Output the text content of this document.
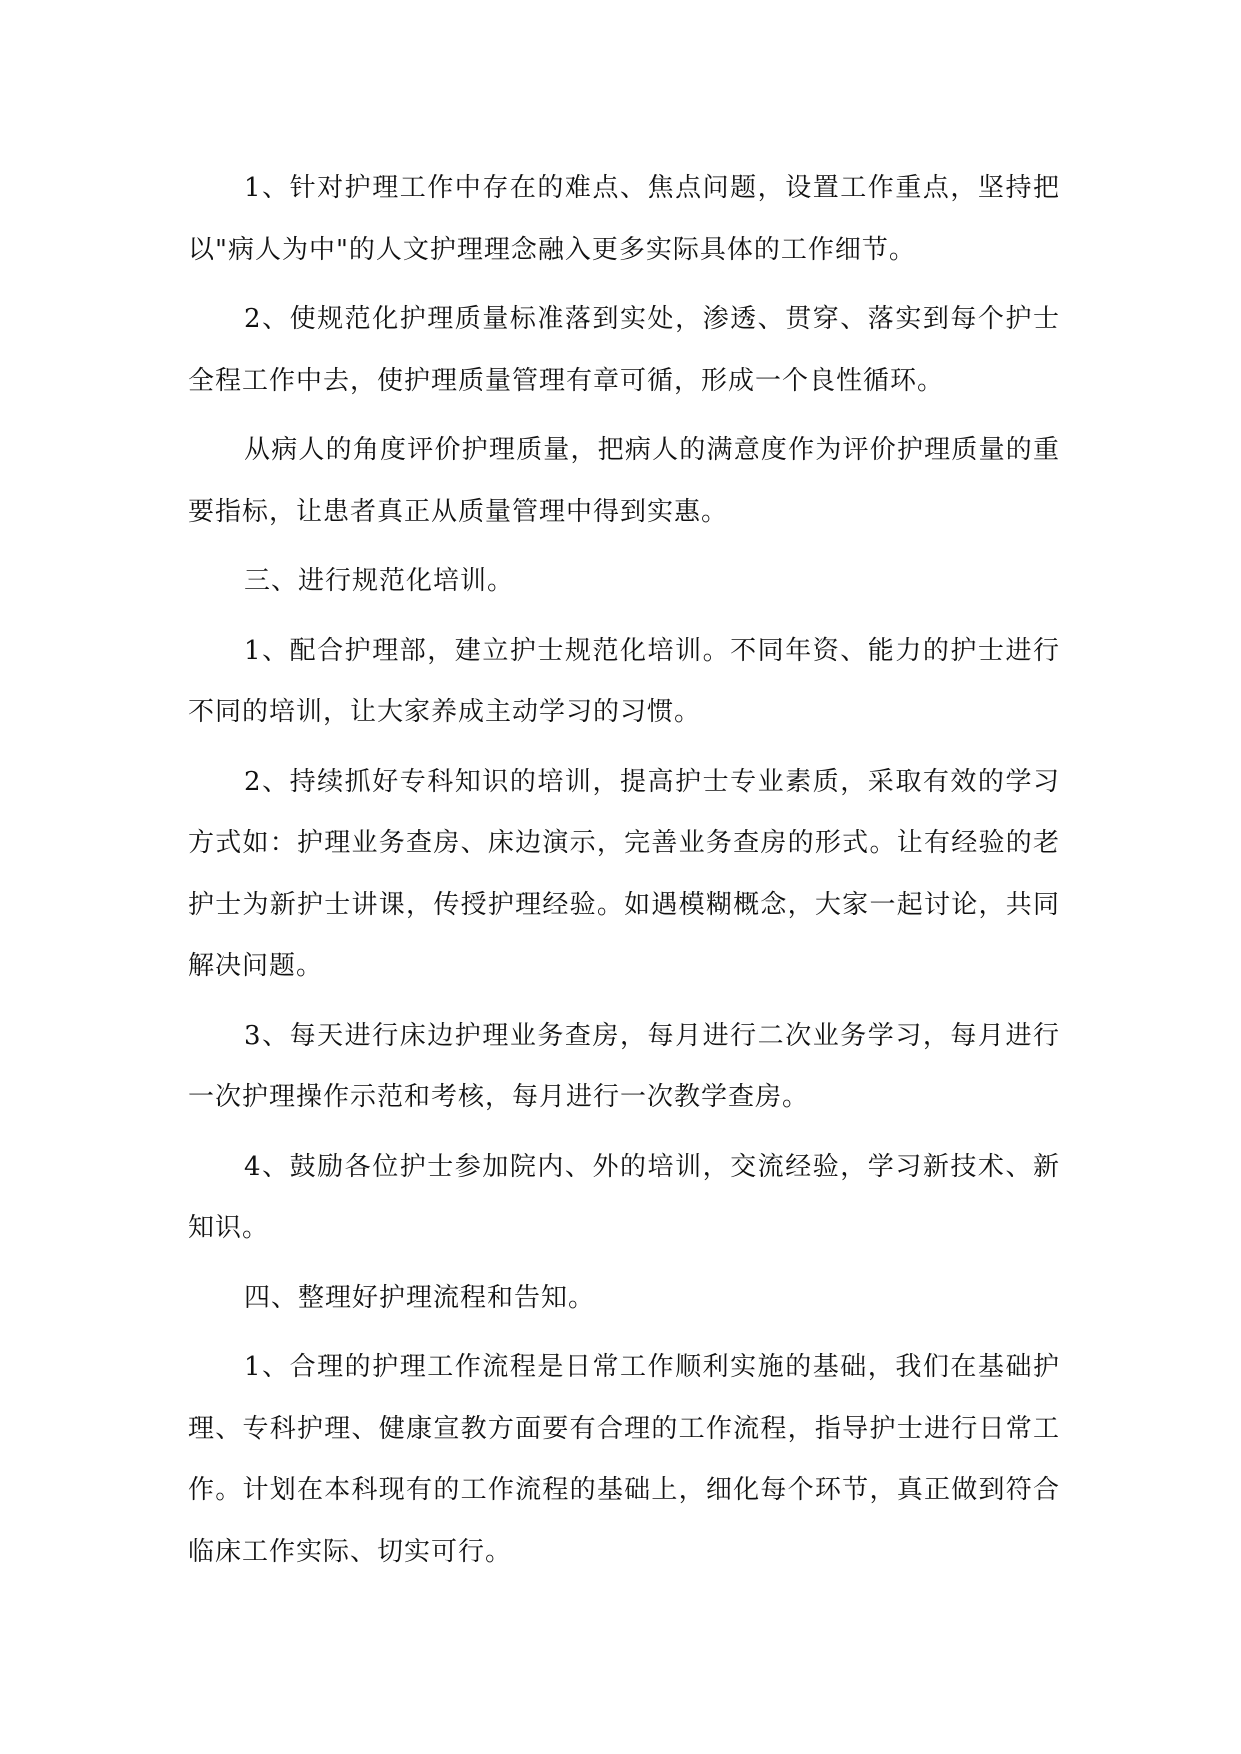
1、针对护理工作中存在的难点、焦点问题，设置工作重点，坚持把以"病人为中"的人文护理理念融入更多实际具体的工作细节。

2、使规范化护理质量标准落到实处，渗透、贯穿、落实到每个护士全程工作中去，使护理质量管理有章可循，形成一个良性循环。

从病人的角度评价护理质量，把病人的满意度作为评价护理质量的重要指标，让患者真正从质量管理中得到实惠。

三、进行规范化培训。

1、配合护理部，建立护士规范化培训。不同年资、能力的护士进行不同的培训，让大家养成主动学习的习惯。

2、持续抓好专科知识的培训，提高护士专业素质，采取有效的学习方式如：护理业务查房、床边演示，完善业务查房的形式。让有经验的老护士为新护士讲课，传授护理经验。如遇模糊概念，大家一起讨论，共同解决问题。

3、每天进行床边护理业务查房，每月进行二次业务学习，每月进行一次护理操作示范和考核，每月进行一次教学查房。

4、鼓励各位护士参加院内、外的培训，交流经验，学习新技术、新知识。

四、整理好护理流程和告知。

1、合理的护理工作流程是日常工作顺利实施的基础，我们在基础护理、专科护理、健康宣教方面要有合理的工作流程，指导护士进行日常工作。计划在本科现有的工作流程的基础上，细化每个环节，真正做到符合临床工作实际、切实可行。
